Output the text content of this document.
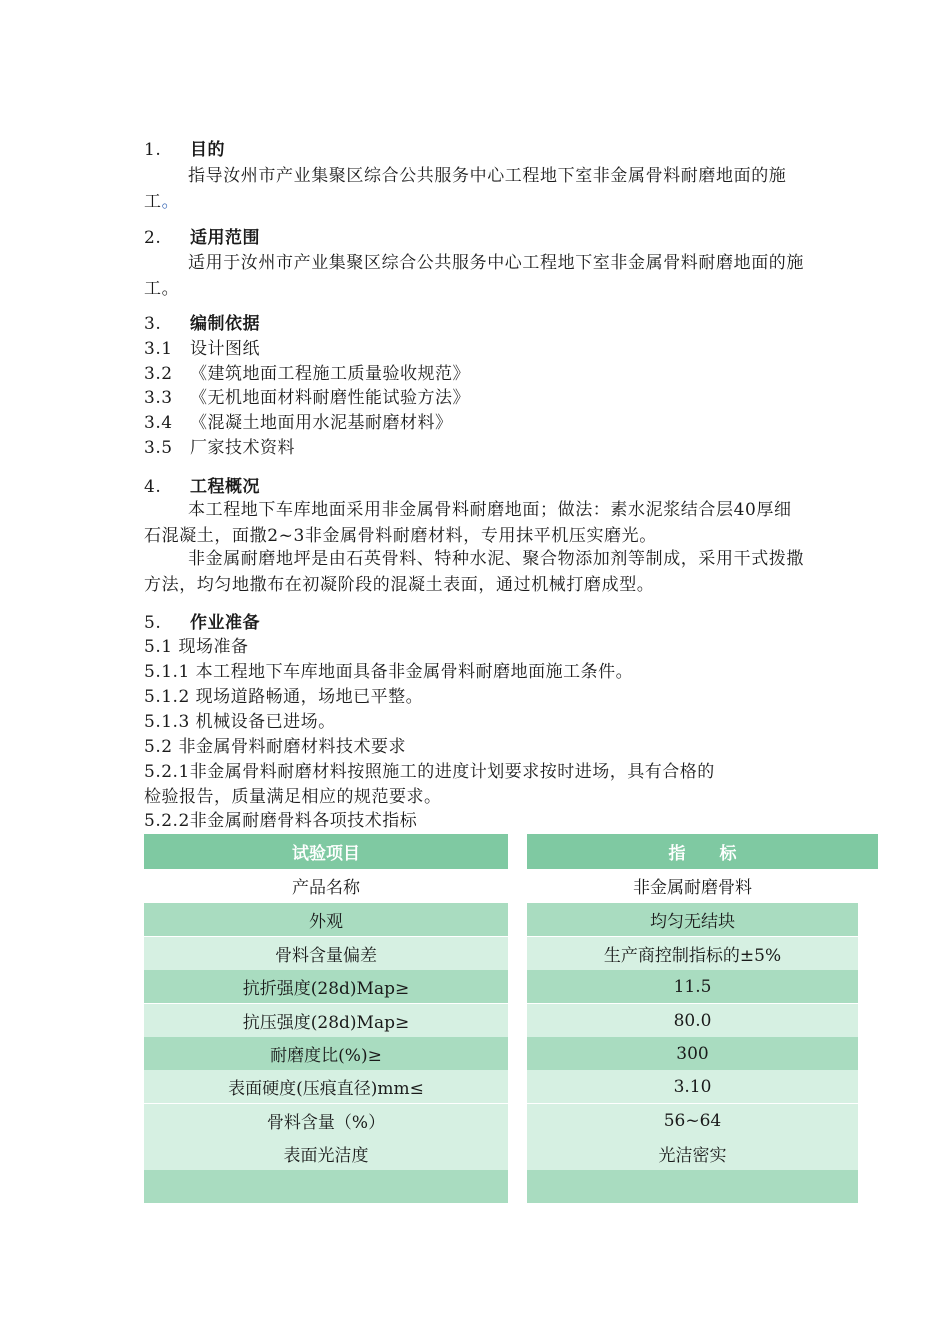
1. 目的
指导汝州市产业集聚区综合公共服务中心工程地下室非金属骨料耐磨地面的施工。
2. 适用范围
适用于汝州市产业集聚区综合公共服务中心工程地下室非金属骨料耐磨地面的施工。
3. 编制依据
3.1 设计图纸
3.2 《建筑地面工程施工质量验收规范》
3.3 《无机地面材料耐磨性能试验方法》
3.4 《混凝土地面用水泥基耐磨材料》
3.5 厂家技术资料
4. 工程概况
本工程地下车库地面采用非金属骨料耐磨地面；做法：素水泥浆结合层40厚细石混凝土，面撒2~3非金属骨料耐磨材料，专用抹平机压实磨光。
非金属耐磨地坪是由石英骨料、特种水泥、聚合物添加剂等制成，采用干式拨撒方法，均匀地撒布在初凝阶段的混凝土表面，通过机械打磨成型。
5. 作业准备
5.1 现场准备
5.1.1 本工程地下车库地面具备非金属骨料耐磨地面施工条件。
5.1.2 现场道路畅通，场地已平整。
5.1.3 机械设备已进场。
5.2 非金属骨料耐磨材料技术要求
5.2.1非金属骨料耐磨材料按照施工的进度计划要求按时进场，具有合格的
检验报告，质量满足相应的规范要求。
5.2.2非金属耐磨骨料各项技术指标
试验项目	指　　标
产品名称	非金属耐磨骨料
外观	均匀无结块
骨料含量偏差	生产商控制指标的±5%
抗折强度(28d)Map≥	11.5
抗压强度(28d)Map≥	80.0
耐磨度比(%)≥	300
表面硬度(压痕直径)mm≤	3.10
骨料含量（%）	56~64
表面光洁度	光洁密实
